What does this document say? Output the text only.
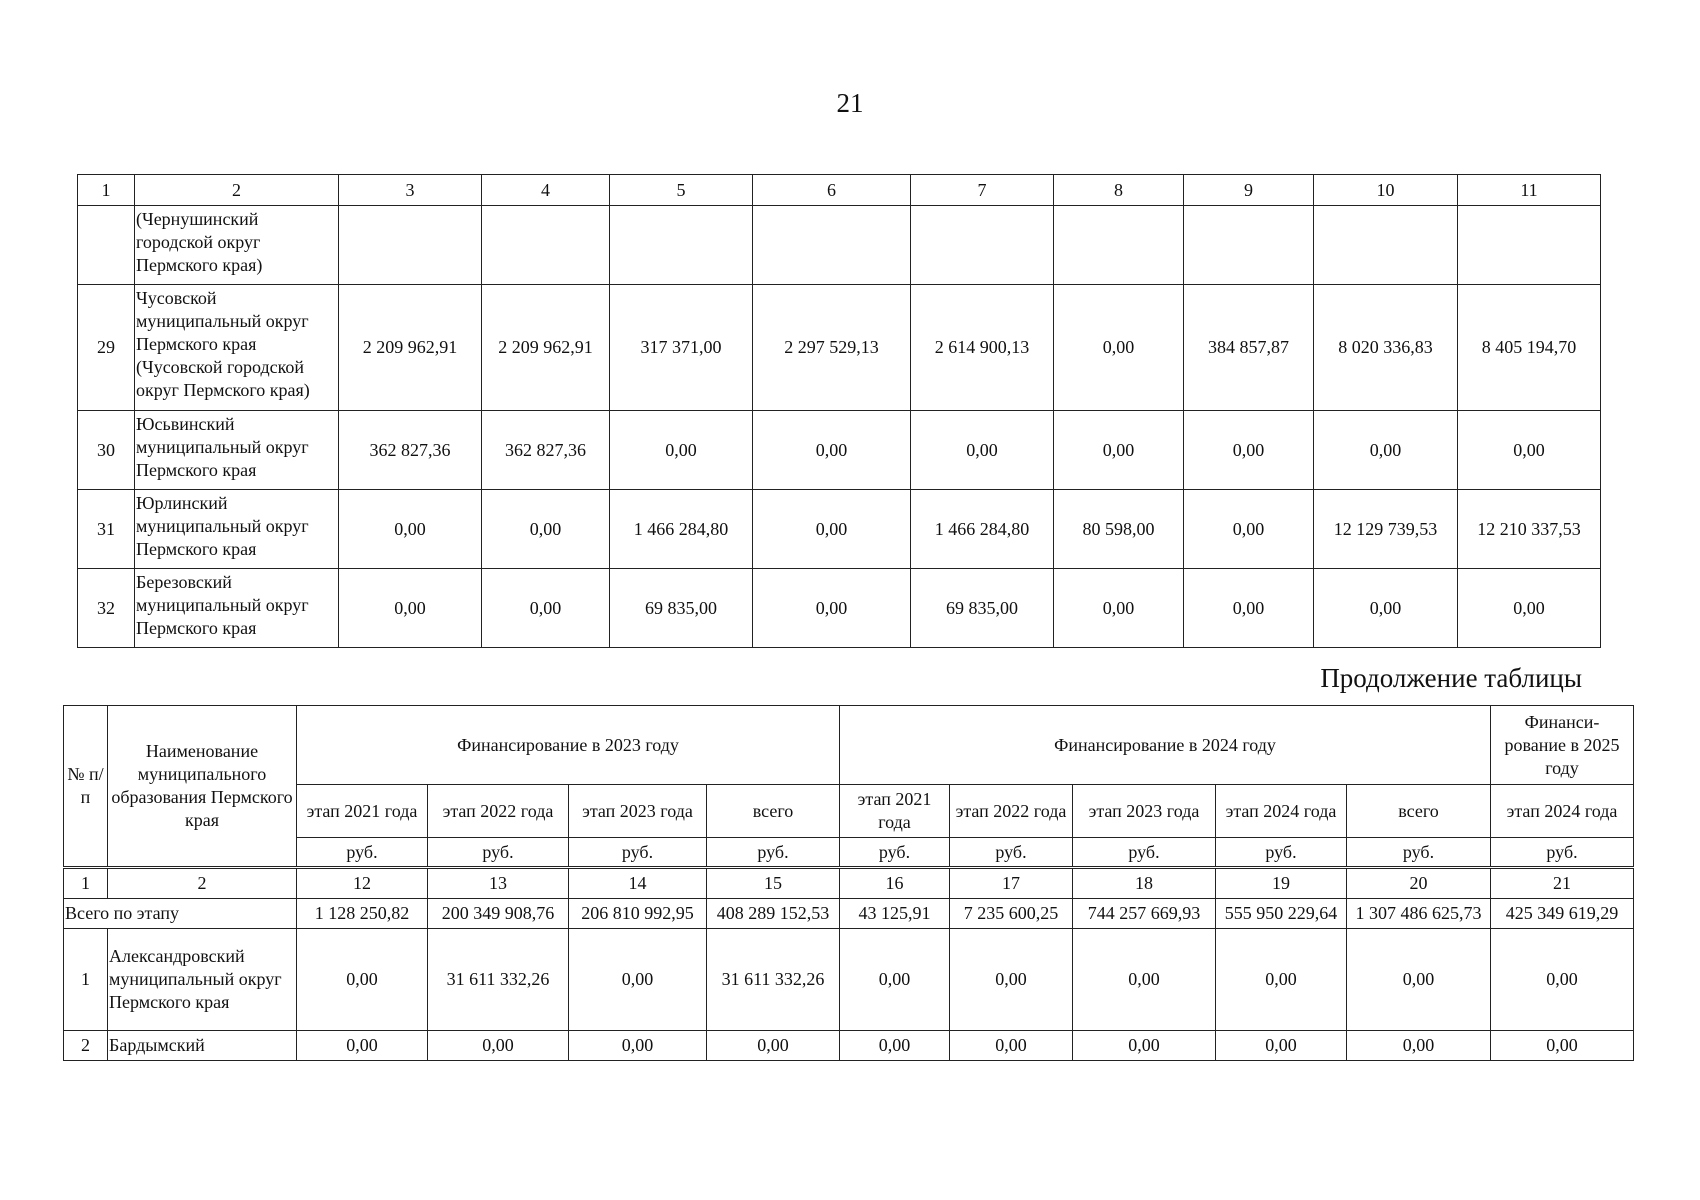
21
1	2	3	4	5	6	7	8	9	10	11
	(Чернушинский городской округ Пермского края)									
29	Чусовской муниципальный округ Пермского края (Чусовской городской округ Пермского края)	2 209 962,91	2 209 962,91	317 371,00	2 297 529,13	2 614 900,13	0,00	384 857,87	8 020 336,83	8 405 194,70
30	Юсьвинский муниципальный округ Пермского края	362 827,36	362 827,36	0,00	0,00	0,00	0,00	0,00	0,00	0,00
31	Юрлинский муниципальный округ Пермского края	0,00	0,00	1 466 284,80	0,00	1 466 284,80	80 598,00	0,00	12 129 739,53	12 210 337,53
32	Березовский муниципальный округ Пермского края	0,00	0,00	69 835,00	0,00	69 835,00	0,00	0,00	0,00	0,00
Продолжение таблицы
№ п/п	Наименование муниципального образования Пермского края	Финансирование в 2023 году				Финансирование в 2024 году					Финанси- рование в 2025 году
		этап 2021 года	этап 2022 года	этап 2023 года	всего	этап 2021 года	этап 2022 года	этап 2023 года	этап 2024 года	всего	этап 2024 года
		руб.	руб.	руб.	руб.	руб.	руб.	руб.	руб.	руб.	руб.
1	2	12	13	14	15	16	17	18	19	20	21
Всего по этапу		1 128 250,82	200 349 908,76	206 810 992,95	408 289 152,53	43 125,91	7 235 600,25	744 257 669,93	555 950 229,64	1 307 486 625,73	425 349 619,29
1	Александровский муниципальный округ Пермского края	0,00	31 611 332,26	0,00	31 611 332,26	0,00	0,00	0,00	0,00	0,00	0,00
2	Бардымский	0,00	0,00	0,00	0,00	0,00	0,00	0,00	0,00	0,00	0,00
